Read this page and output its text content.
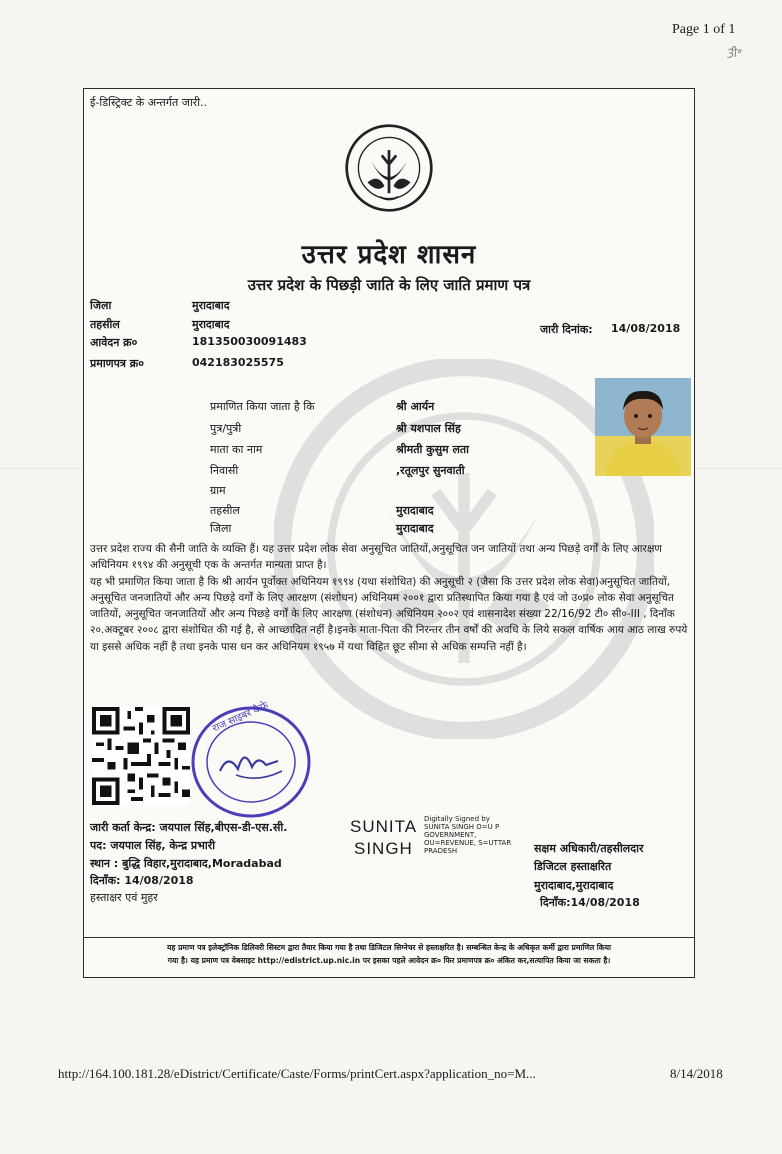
Page 1 of 1
3ी॰
ई-डिस्ट्रिक्ट के अन्तर्गत जारी..
उत्तर प्रदेश शासन
उत्तर प्रदेश के पिछड़ी जाति के लिए जाति प्रमाण पत्र
जिला	मुरादाबाद
तहसील	मुरादाबाद
आवेदन क्र०	181350030091483
प्रमाणपत्र क्र०	042183025575
जारी दिनांक: 14/08/2018
प्रमाणित किया जाता है कि	श्री आर्यन
पुत्र/पुत्री	श्री यशपाल सिंह
माता का नाम	श्रीमती कुसुम लता
निवासी	,रतूलपुर सुनवाती
ग्राम
तहसील	मुरादाबाद
जिला	मुरादाबाद

उत्तर प्रदेश राज्य की सैनी जाति के व्यक्ति हैं। यह उत्तर प्रदेश लोक सेवा अनुसूचित जातियों,अनुसूचित जन जातियों तथा अन्य पिछड़े वर्गों के लिए आरक्षण अधिनियम १९९४ की अनुसूची एक के अन्तर्गत मान्यता प्राप्त है।

यह भी प्रमाणित किया जाता है कि श्री आर्यन पूर्वोक्त अधिनियम १९९४ (यथा संशोधित) की अनुसूची २ (जैसा कि उत्तर प्रदेश लोक सेवा)अनुसूचित जातियों, अनुसूचित जनजातियों और अन्य पिछड़े वर्गों के लिए आरक्षण (संशोधन) अधिनियम २००१ द्वारा प्रतिस्थापित किया गया है एवं जो उ०प्र० लोक सेवा अनुसूचित जातियों, अनुसूचित जनजातियों और अन्य पिछड़े वर्गों के लिए आरक्षण (संशोधन) अधिनियम २००२ एवं शासनादेश संख्या 22/16/92 टी० सी०-III , दिनाँक २०.अक्टूबर २००८ द्वारा संशोधित की गई है, से आच्छादित नहीं है।इनके माता-पिता की निरन्तर तीन वर्षों की अवधि के लिये सकल वार्षिक आय आठ लाख रुपये या इससे अधिक नहीं है तथा इनके पास धन कर अधिनियम १९५७ में यथा विहित छूट सीमा से अधिक सम्पत्ति नहीं है।

राज साइबर कैफे
जारी कर्ता केन्द्र: जयपाल सिंह,बीएस-डी-एस.सी.
पद: जयपाल सिंह, केन्द्र प्रभारी
स्थान : बुद्धि विहार,मुरादाबाद,Moradabad
दिनाँक: 14/08/2018
हस्ताक्षर एवं मुहर
SUNITA
SINGH
Digitally Signed by SUNITA SINGH O=U P GOVERNMENT, OU=REVENUE, S=UTTAR PRADESH	सक्षम अधिकारी/तहसीलदार
डिजिटल हस्ताक्षरित
मुरादाबाद,मुरादाबाद
दिनाँक:14/08/2018
यह प्रमाण पत्र इलेक्ट्रॉनिक डिलिवरी सिस्टम द्वारा तैयार किया गया है तथा डिजिटल सिग्नेचर से हस्ताक्षरित है। सम्बन्धित केन्द्र के अधिकृत कर्मी द्वारा प्रमाणित किया
गया है। यह प्रमाण पत्र वेबसाइट http://edistrict.up.nic.in पर इसका पहले आवेदन क्र० फिर प्रमाणपत्र क्र० अंकित कर,सत्यापित किया जा सकता है।
http://164.100.181.28/eDistrict/Certificate/Caste/Forms/printCert.aspx?application_no=M...	8/14/2018
